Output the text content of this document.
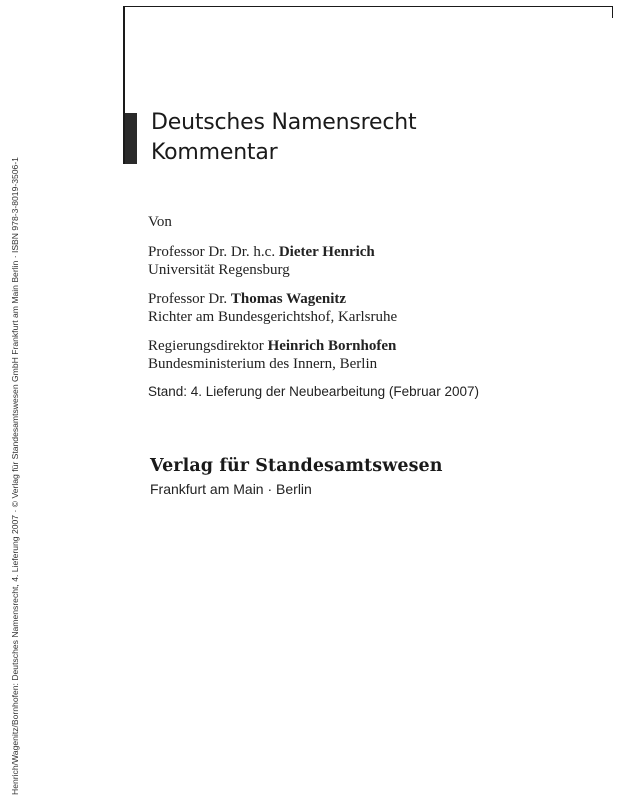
Henrich/Wagenitz/Bornhofen: Deutsches Namensrecht, 4. Lieferung 2007 · © Verlag für Standesamtswesen GmbH Frankfurt am Main Berlin · ISBN 978-3-8019-3506-1
Deutsches Namensrecht
Kommentar
Von
Professor Dr. Dr. h.c. Dieter Henrich
Universität Regensburg
Professor Dr. Thomas Wagenitz
Richter am Bundesgerichtshof, Karlsruhe
Regierungsdirektor Heinrich Bornhofen
Bundesministerium des Innern, Berlin
Stand: 4. Lieferung der Neubearbeitung (Februar 2007)
Verlag für Standesamtswesen
Frankfurt am Main · Berlin
